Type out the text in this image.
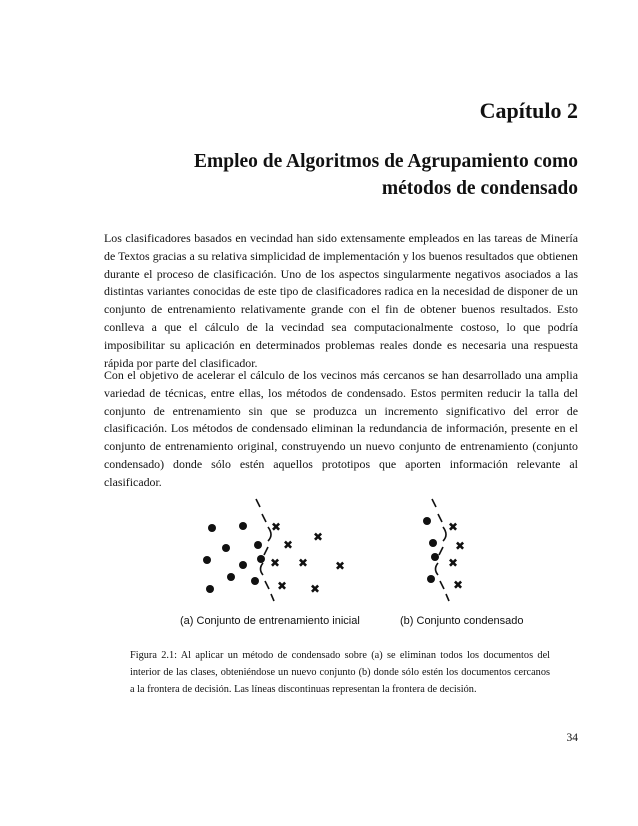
Capítulo 2
Empleo de Algoritmos de Agrupamiento como
métodos de condensado

Los clasificadores basados en vecindad han sido extensamente empleados en las tareas de Minería de Textos gracias a su relativa simplicidad de implementación y los buenos resultados que obtienen durante el proceso de clasificación. Uno de los aspectos singularmente negativos asociados a las distintas variantes conocidas de este tipo de clasificadores radica en la necesidad de disponer de un conjunto de entrenamiento relativamente grande con el fin de obtener buenos resultados. Esto conlleva a que el cálculo de la vecindad sea computacionalmente costoso, lo que podría imposibilitar su aplicación en determinados problemas reales donde es necesaria una respuesta rápida por parte del clasificador.

Con el objetivo de acelerar el cálculo de los vecinos más cercanos se han desarrollado una amplia variedad de técnicas, entre ellas, los métodos de condensado. Estos permiten reducir la talla del conjunto de entrenamiento sin que se produzca un incremento significativo del error de clasificación. Los métodos de condensado eliminan la redundancia de información, presente en el conjunto de entrenamiento original, construyendo un nuevo conjunto de entrenamiento (conjunto condensado) donde sólo estén aquellos prototipos que aporten información relevante al clasificador.

✖
✖
✖
✖ ✖ ✖
✖ ✖
✖
✖
✖
✖
(a) Conjunto de entrenamiento inicial	(b) Conjunto condensado

Figura 2.1: Al aplicar un método de condensado sobre (a) se eliminan todos los documentos del interior de las clases, obteniéndose un nuevo conjunto (b) donde sólo estén los documentos cercanos a la frontera de decisión. Las líneas discontinuas representan la frontera de decisión.

34
